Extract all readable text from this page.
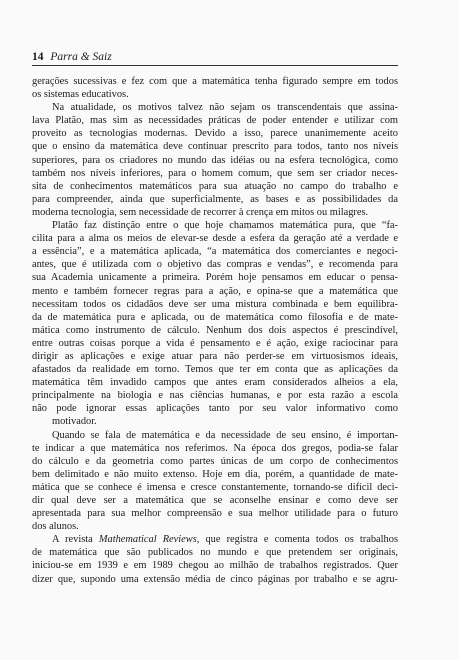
14 Parra & Saiz
gerações sucessivas e fez com que a matemática tenha figurado sempre em todos
os sistemas educativos.
Na atualidade, os motivos talvez não sejam os transcendentais que assina-
lava Platão, mas sim as necessidades práticas de poder entender e utilizar com
proveito as tecnologias modernas. Devido a isso, parece unanimemente aceito
que o ensino da matemática deve continuar prescrito para todos, tanto nos níveis
superiores, para os criadores no mundo das idéias ou na esfera tecnológica, como
também nos níveis inferiores, para o homem comum, que sem ser criador neces-
sita de conhecimentos matemáticos para sua atuação no campo do trabalho e
para compreender, ainda que superficialmente, as bases e as possibilidades da
moderna tecnologia, sem necessidade de recorrer à crença em mitos ou milagres.
Platão faz distinção entre o que hoje chamamos matemática pura, que “fa-
cilita para a alma os meios de elevar-se desde a esfera da geração até a verdade e
a essência”, e a matemática aplicada, “a matemática dos comerciantes e negoci-
antes, que é utilizada com o objetivo das compras e vendas”, e recomenda para
sua Academia unicamente a primeira. Porém hoje pensamos em educar o pensa-
mento e também fornecer regras para a ação, e opina-se que a matemática que
necessitam todos os cidadãos deve ser uma mistura combinada e bem equilibra-
da de matemática pura e aplicada, ou de matemática como filosofia e de mate-
mática como instrumento de cálculo. Nenhum dos dois aspectos é prescindível,
entre outras coisas porque a vida é pensamento e é ação, exige raciocinar para
dirigir as aplicações e exige atuar para não perder-se em virtuosismos ideais,
afastados da realidade em torno. Temos que ter em conta que as aplicações da
matemática têm invadido campos que antes eram considerados alheios a ela,
principalmente na biologia e nas ciências humanas, e por esta razão a escola
não pode ignorar essas aplicações tanto por seu valor informativo como
motivador.
Quando se fala de matemática e da necessidade de seu ensino, é importan-
te indicar a que matemática nos referimos. Na época dos gregos, podia-se falar
do cálculo e da geometria como partes únicas de um corpo de conhecimentos
bem delimitado e não muito extenso. Hoje em dia, porém, a quantidade de mate-
mática que se conhece é imensa e cresce constantemente, tornando-se difícil deci-
dir qual deve ser a matemática que se aconselhe ensinar e como deve ser
apresentada para sua melhor compreensão e sua melhor utilidade para o futuro
dos alunos.
A revista Mathematical Reviews, que registra e comenta todos os trabalhos
de matemática que são publicados no mundo e que pretendem ser originais,
iniciou-se em 1939 e em 1989 chegou ao milhão de trabalhos registrados. Quer
dizer que, supondo uma extensão média de cinco páginas por trabalho e se agru-
